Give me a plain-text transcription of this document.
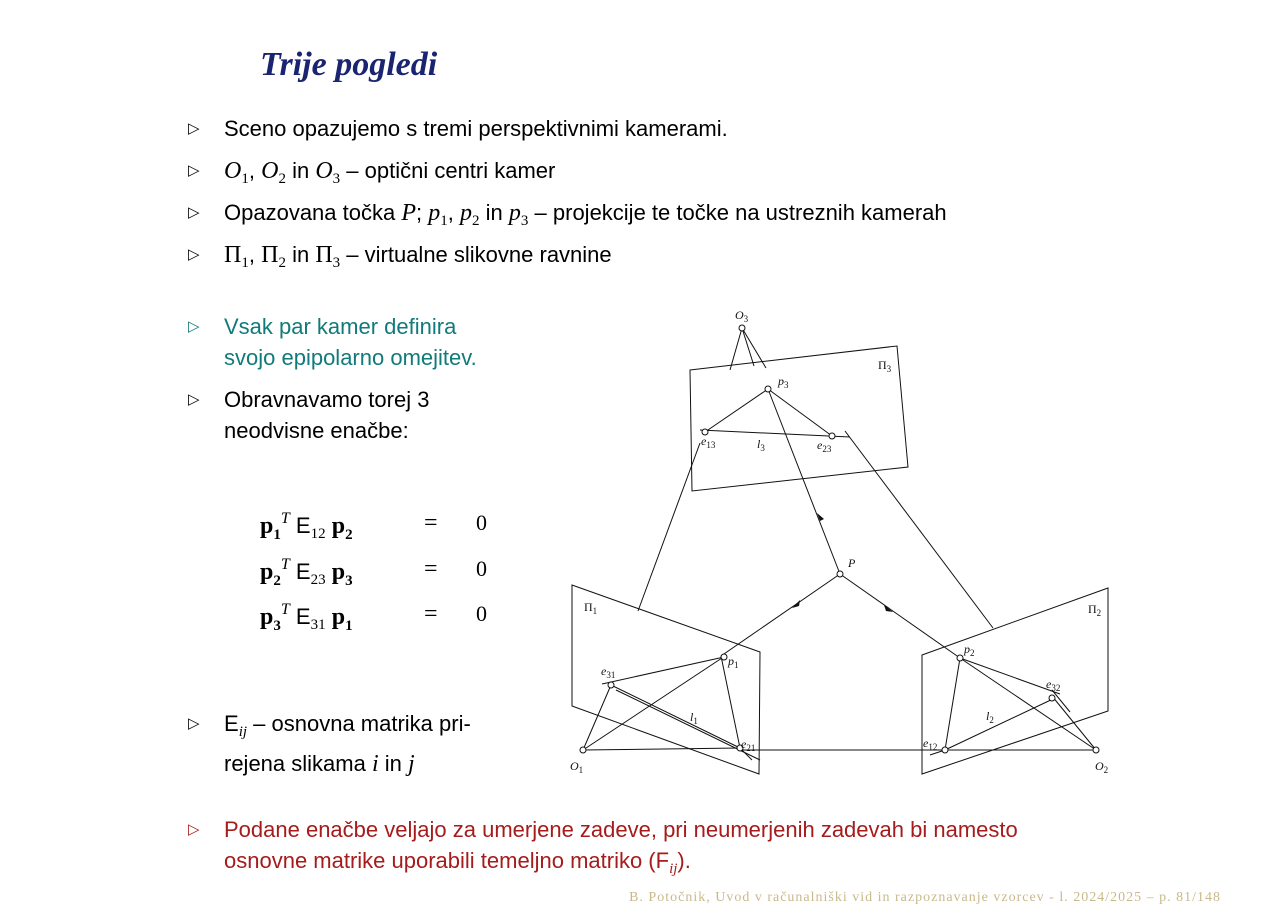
Trije pogledi
▷ Sceno opazujemo s tremi perspektivnimi kamerami.
▷ $O_1$, $O_2$ in $O_3$ – optični centri kamer
▷ Opazovana točka P; $p_1$, $p_2$ in $p_3$ – projekcije te točke na ustreznih kamerah
▷ $\Pi_1$, $\Pi_2$ in $\Pi_3$ – virtualne slikovne ravnine
▷ Vsak par kamer definira
svojo epipolarno omejitev.
▷ Obravnavamo torej 3
neodvisne enačbe:
$p_1^T$ $E_{12}$ $p_2$	= 0
$p_2^T$ $E_{23}$ $p_3$	= 0
$p_3^T$ $E_{31}$ $p_1$	= 0
▷ $E_{ij}$ – osnovna matrika pri-
rejena slikama i in j
▷ Podane enačbe veljajo za umerjene zadeve, pri neumerjenih zadevah bi namesto
osnovne matrike uporabili temeljno matriko $(F_{ij})$.
$O_3$
$\Pi_3$
$p_3$
$e_{13}$	$l_3$	$e_{23}$
P
$\Pi_1$	$\Pi_2$
$p_1$
$p_2$
$e_{31}$
$e_{32}$
$l_1$	$l_2$
$e_{21}$	$e_{12}$
$O_1$	$O_2$
B. Potočnik, Uvod v računalniški vid in razpoznavanje vzorcev - l. 2024/2025 – p. 81/148
